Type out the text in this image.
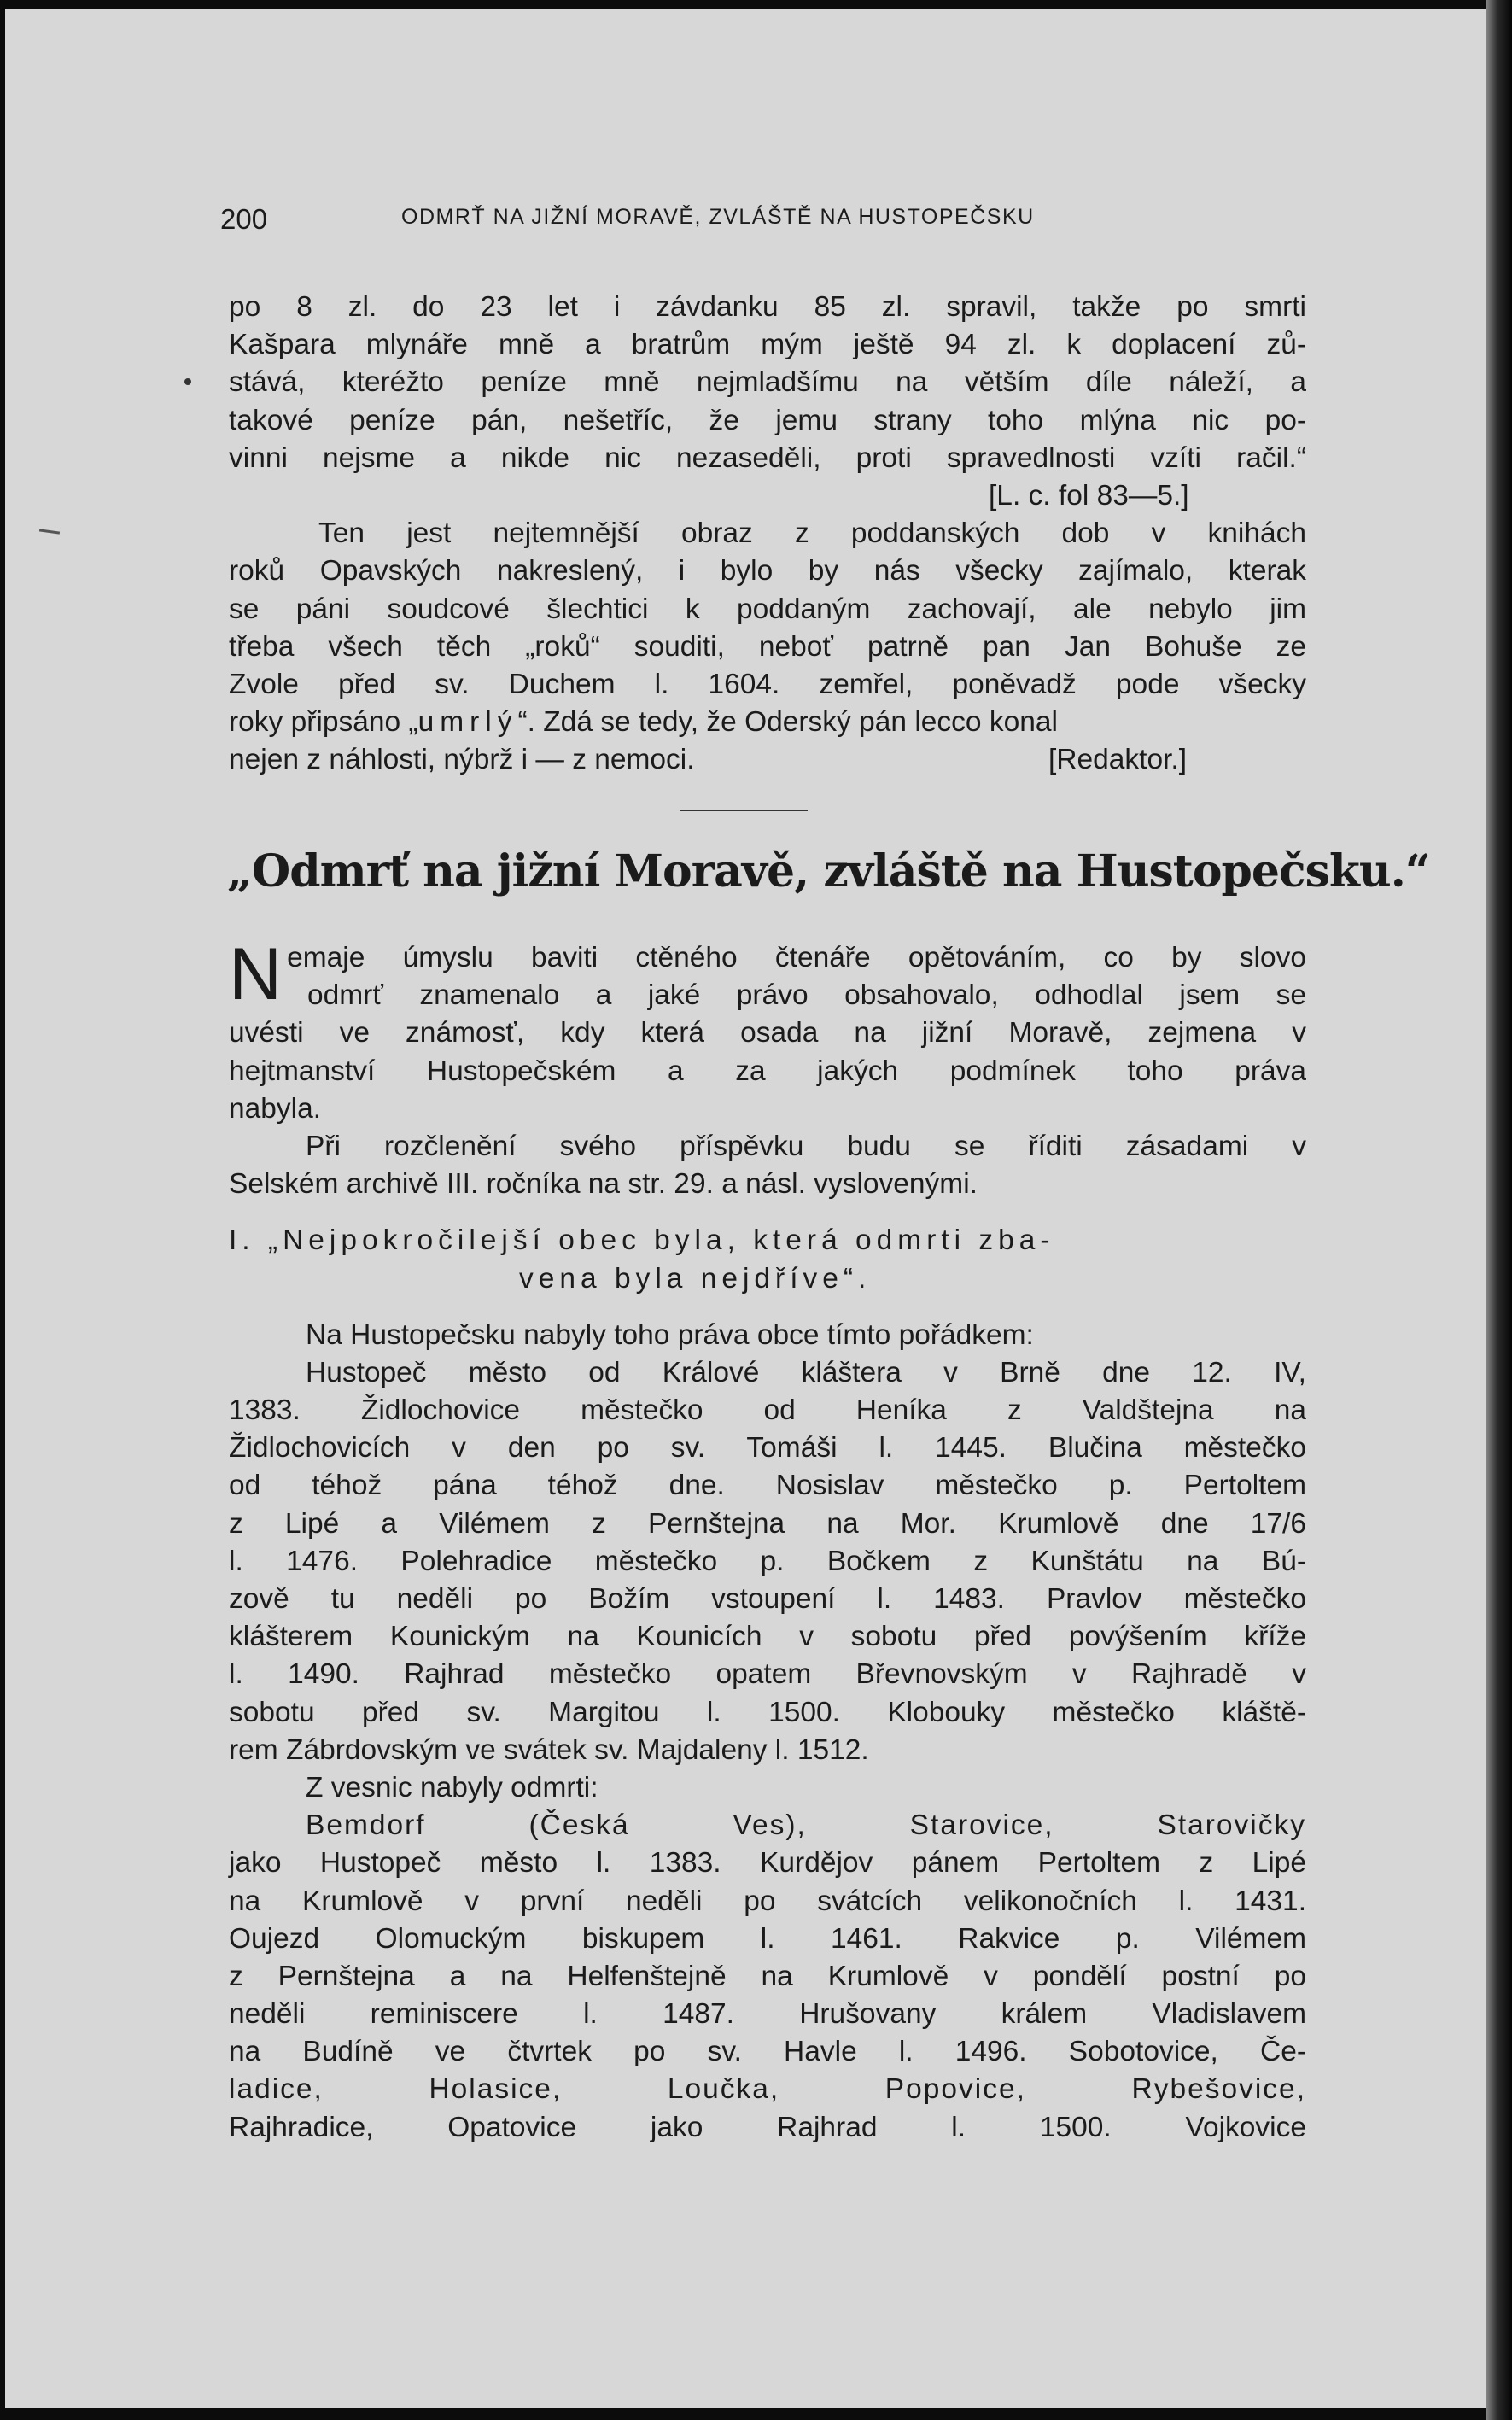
200	ODMRŤ NA JIŽNÍ MORAVĚ, ZVLÁŠTĚ NA HUSTOPEČSKU
po 8 zl. do 23 let i závdanku 85 zl. spravil, takže po smrti
Kašpara mlynáře mně a bratrům mým ještě 94 zl. k doplacení zů-
stává, kteréžto peníze mně nejmladšímu na větším díle náleží, a
takové peníze pán, nešetříc, že jemu strany toho mlýna nic po-
vinni nejsme a nikde nic nezaseděli, proti spravedlnosti vzíti račil.“
[L. c. fol 83—5.]
Ten jest nejtemnější obraz z poddanských dob v knihách
roků Opavských nakreslený, i bylo by nás všecky zajímalo, kterak
se páni soudcové šlechtici k poddaným zachovají, ale nebylo jim
třeba všech těch „roků“ souditi, neboť patrně pan Jan Bohuše ze
Zvole před sv. Duchem l. 1604. zemřel, poněvadž pode všecky
roky připsáno „umrlý“. Zdá se tedy, že Oderský pán lecco konal
nejen z náhlosti, nýbrž i — z nemoci.	[Redaktor.]
„Odmrť na jižní Moravě, zvláště na Hustopečsku.“
N emaje úmyslu baviti ctěného čtenáře opětováním, co by slovo
odmrť znamenalo a jaké právo obsahovalo, odhodlal jsem se
uvésti ve známosť, kdy která osada na jižní Moravě, zejmena v
hejtmanství Hustopečském a za jakých podmínek toho práva
nabyla.
Při rozčlenění svého příspěvku budu se říditi zásadami v
Selském archivě III. ročníka na str. 29. a násl. vyslovenými.
I. „Nejpokročilejší obec byla, která odmrti zba-
vena byla nejdříve“.
Na Hustopečsku nabyly toho práva obce tímto pořádkem:
Hustopeč město od Králové kláštera v Brně dne 12. IV,
1383. Židlochovice městečko od Heníka z Valdštejna na
Židlochovicích v den po sv. Tomáši l. 1445. Blučina městečko
od téhož pána téhož dne. Nosislav městečko p. Pertoltem
z Lipé a Vilémem z Pernštejna na Mor. Krumlově dne 17/6
l. 1476. Polehradice městečko p. Bočkem z Kunštátu na Bú-
zově tu neděli po Božím vstoupení l. 1483. Pravlov městečko
klášterem Kounickým na Kounicích v sobotu před povýšením kříže
l. 1490. Rajhrad městečko opatem Břevnovským v Rajhradě v
sobotu před sv. Margitou l. 1500. Klobouky městečko kláště-
rem Zábrdovským ve svátek sv. Majdaleny l. 1512.
Z vesnic nabyly odmrti:
Bemdorf (Česká Ves), Starovice, Starovičky
jako Hustopeč město l. 1383. Kurdějov pánem Pertoltem z Lipé
na Krumlově v první neděli po svátcích velikonočních l. 1431.
Oujezd Olomuckým biskupem l. 1461. Rakvice p. Vilémem
z Pernštejna a na Helfenštejně na Krumlově v pondělí postní po
neděli reminiscere l. 1487. Hrušovany králem Vladislavem
na Budíně ve čtvrtek po sv. Havle l. 1496. Sobotovice, Če-
ladice, Holasice, Loučka, Popovice, Rybešovice,
Rajhradice, Opatovice jako Rajhrad l. 1500. Vojkovice
